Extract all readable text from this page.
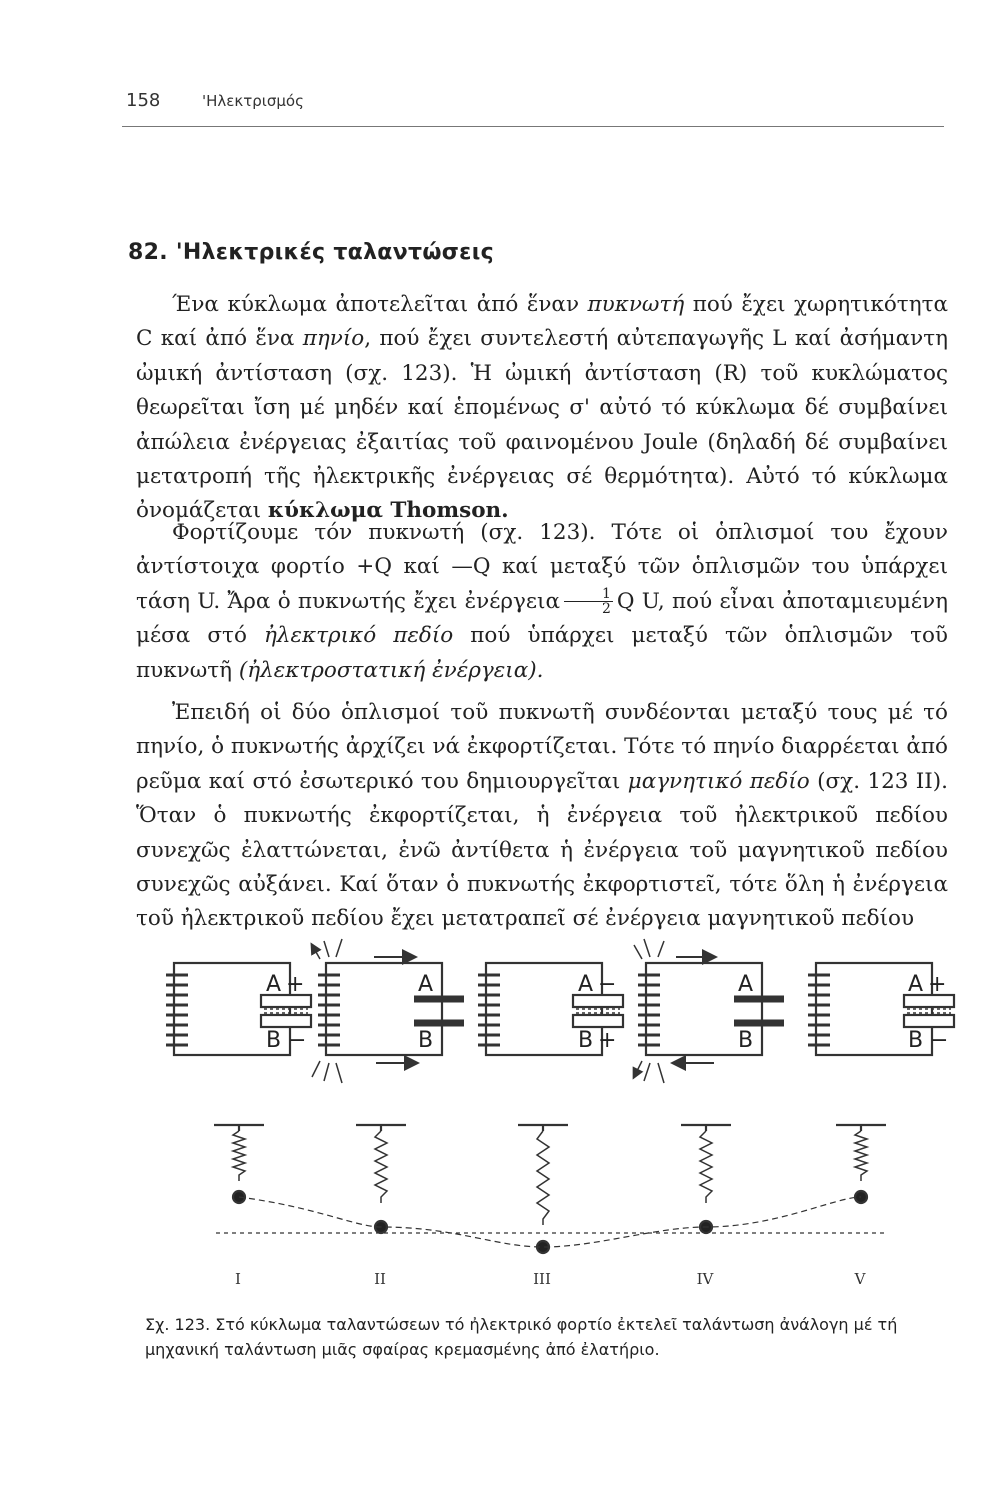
158	'Ηλεκτρισμός
82. 'Ηλεκτρικές ταλαντώσεις

Ένα κύκλωμα ἀποτελεῖται ἀπό ἕναν πυκνωτή πού ἔχει χωρητικότητα C καί ἀπό ἕνα πηνίο, πού ἔχει συντελεστή αὐτεπαγωγῆς L καί ἀσήμαντη ὠμική ἀντίσταση (σχ. 123). Ἡ ὠμική ἀντίσταση (R) τοῦ κυκλώματος θεωρεῖται ἴση μέ μηδέν καί ἑπομένως σ' αὐτό τό κύκλωμα δέ συμβαίνει ἀπώλεια ἐνέργειας ἐξαιτίας τοῦ φαινομένου Joule (δηλαδή δέ συμβαίνει μετατροπή τῆς ἠλεκτρικῆς ἐνέργειας σέ θερμότητα). Αὐτό τό κύκλωμα ὀνομάζεται κύκλωμα Thomson.

Φορτίζουμε τόν πυκνωτή (σχ. 123). Τότε οἱ ὁπλισμοί του ἔχουν ἀντίστοιχα φορτίο +Q καί —Q καί μεταξύ τῶν ὁπλισμῶν του ὑπάρχει τάση U. Ἄρα ὁ πυκνωτής ἔχει ἐνέργεια $\frac{1}{2}$ Q U, πού εἶναι ἀποταμιευμένη μέσα στό ἠλεκτρικό πεδίο πού ὑπάρχει μεταξύ τῶν ὁπλισμῶν τοῦ πυκνωτῆ (ἠλεκτροστατική ἐνέργεια).

Ἐπειδή οἱ δύο ὁπλισμοί τοῦ πυκνωτῆ συνδέονται μεταξύ τους μέ τό πηνίο, ὁ πυκνωτής ἀρχίζει νά ἐκφορτίζεται. Τότε τό πηνίο διαρρέεται ἀπό ρεῦμα καί στό ἐσωτερικό του δημιουργεῖται μαγνητικό πεδίο (σχ. 123 II). Ὅταν ὁ πυκνωτής ἐκφορτίζεται, ἡ ἐνέργεια τοῦ ἠλεκτρικοῦ πεδίου συνεχῶς ἐλαττώνεται, ἐνῶ ἀντίθετα ἡ ἐνέργεια τοῦ μαγνητικοῦ πεδίου συνεχῶς αὐξάνει. Καί ὅταν ὁ πυκνωτής ἐκφορτιστεῖ, τότε ὅλη ἡ ἐνέργεια τοῦ ἠλεκτρικοῦ πεδίου ἔχει μετατραπεῖ σέ ἐνέργεια μαγνητικοῦ πεδίου

A
B
+
−
A
B
A
B
−
+
A
B
A
B
+
−
I	II	III	IV	V
Σχ. 123. Στό κύκλωμα ταλαντώσεων τό ἠλεκτρικό φορτίο ἐκτελεῖ ταλάντωση ἀνάλογη μέ τή μηχανική ταλάντωση μιᾶς σφαίρας κρεμασμένης ἀπό ἐλατήριο.
